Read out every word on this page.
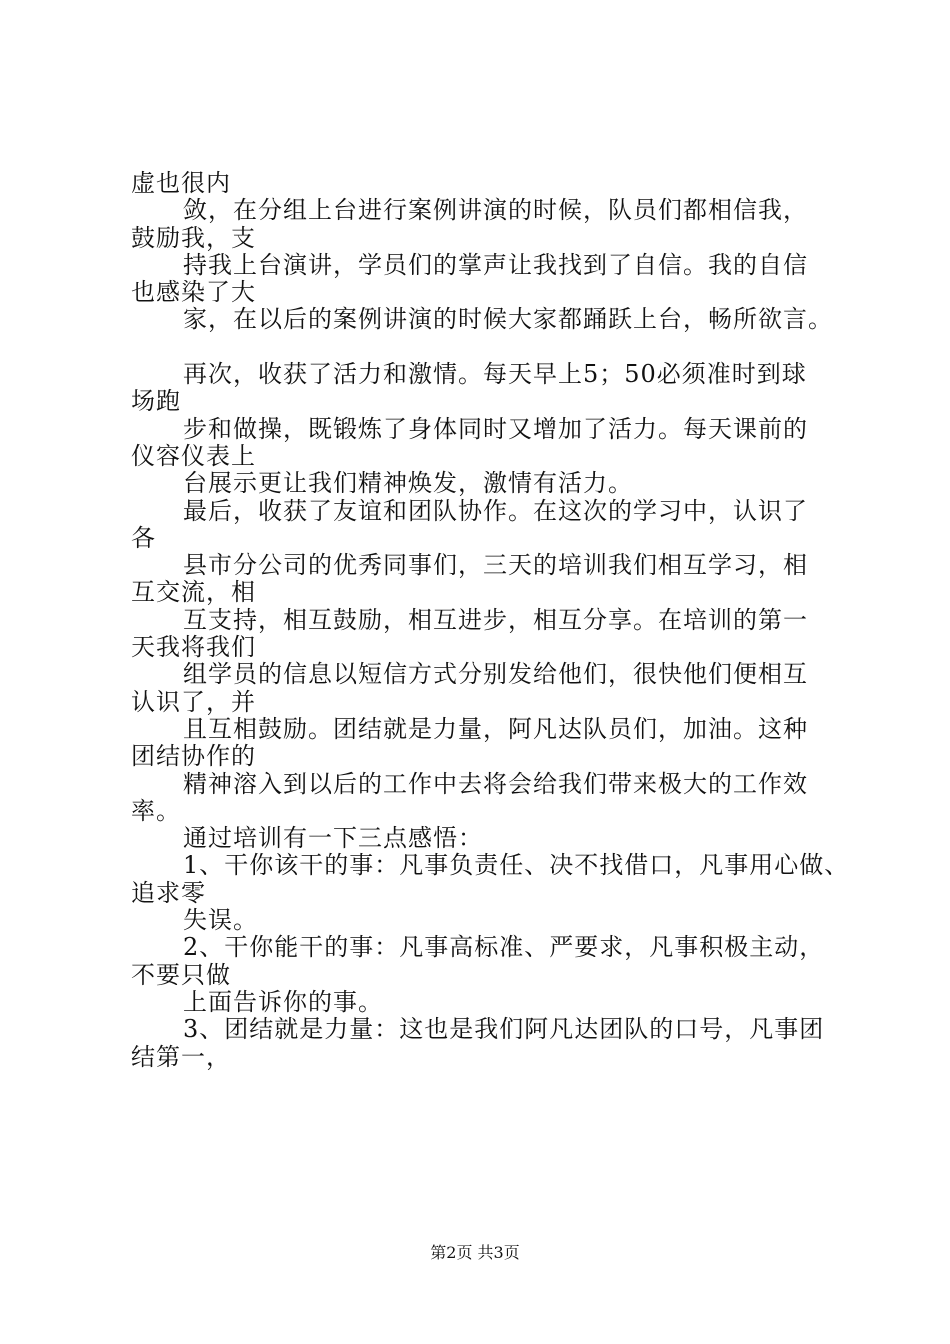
虚也很内
敛，在分组上台进行案例讲演的时候，队员们都相信我，
鼓励我，支
持我上台演讲，学员们的掌声让我找到了自信。我的自信
也感染了大
家，在以后的案例讲演的时候大家都踊跃上台，畅所欲言。
再次，收获了活力和激情。每天早上5；50必须准时到球
场跑
步和做操，既锻炼了身体同时又增加了活力。每天课前的
仪容仪表上
台展示更让我们精神焕发，激情有活力。
最后，收获了友谊和团队协作。在这次的学习中，认识了
各
县市分公司的优秀同事们，三天的培训我们相互学习，相
互交流，相
互支持，相互鼓励，相互进步，相互分享。在培训的第一
天我将我们
组学员的信息以短信方式分别发给他们，很快他们便相互
认识了，并
且互相鼓励。团结就是力量，阿凡达队员们，加油。这种
团结协作的
精神溶入到以后的工作中去将会给我们带来极大的工作效
率。
通过培训有一下三点感悟：
1、干你该干的事：凡事负责任、决不找借口，凡事用心做、
追求零
失误。
2、干你能干的事：凡事高标准、严要求，凡事积极主动，
不要只做
上面告诉你的事。
3、团结就是力量：这也是我们阿凡达团队的口号，凡事团
结第一，
第2页 共3页
